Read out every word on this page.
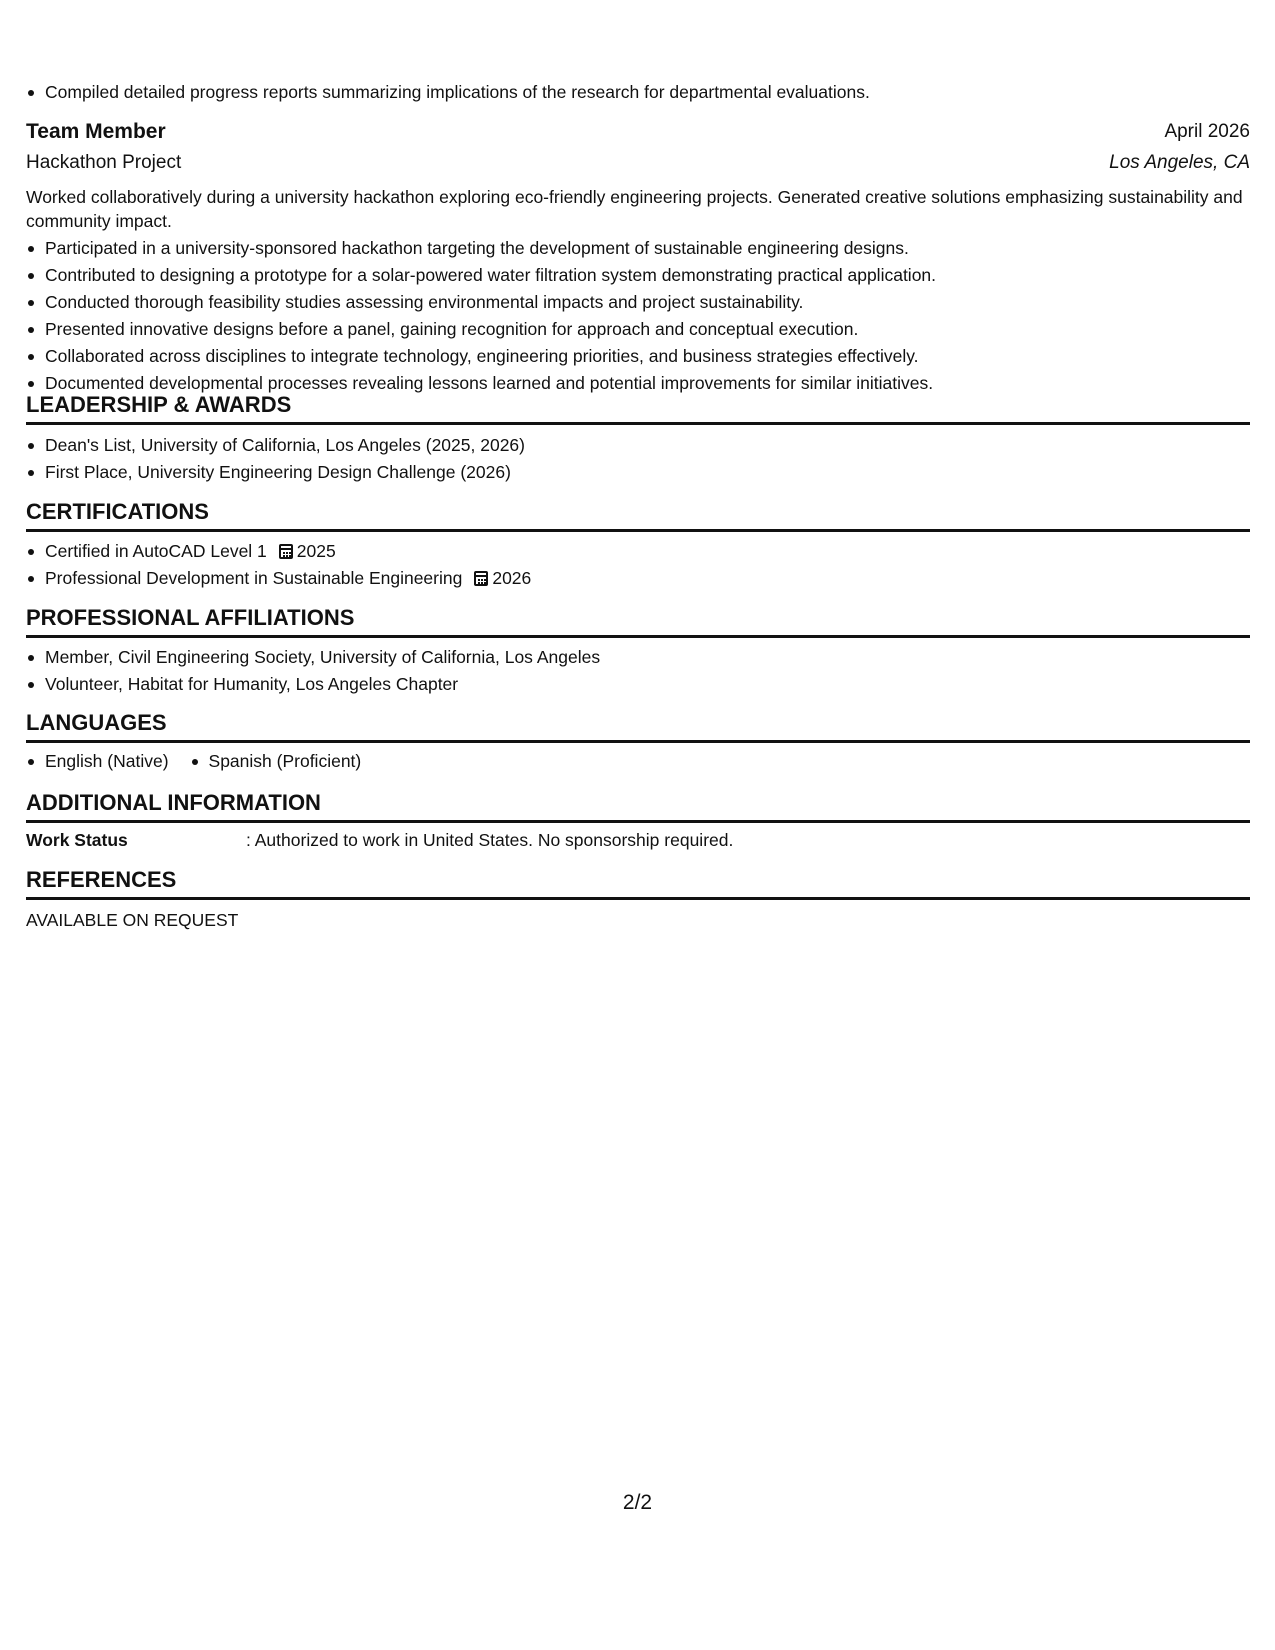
Compiled detailed progress reports summarizing implications of the research for departmental evaluations.
Team Member	April 2026
Hackathon Project	Los Angeles, CA
Worked collaboratively during a university hackathon exploring eco-friendly engineering projects. Generated creative solutions emphasizing sustainability and community impact.
Participated in a university-sponsored hackathon targeting the development of sustainable engineering designs.
Contributed to designing a prototype for a solar-powered water filtration system demonstrating practical application.
Conducted thorough feasibility studies assessing environmental impacts and project sustainability.
Presented innovative designs before a panel, gaining recognition for approach and conceptual execution.
Collaborated across disciplines to integrate technology, engineering priorities, and business strategies effectively.
Documented developmental processes revealing lessons learned and potential improvements for similar initiatives.
LEADERSHIP & AWARDS
Dean's List, University of California, Los Angeles (2025, 2026)
First Place, University Engineering Design Challenge (2026)
CERTIFICATIONS
Certified in AutoCAD Level 1 2025
Professional Development in Sustainable Engineering 2026
PROFESSIONAL AFFILIATIONS
Member, Civil Engineering Society, University of California, Los Angeles
Volunteer, Habitat for Humanity, Los Angeles Chapter
LANGUAGES
English (Native) Spanish (Proficient)
ADDITIONAL INFORMATION
Work Status	: Authorized to work in United States. No sponsorship required.
REFERENCES
AVAILABLE ON REQUEST
2/2
